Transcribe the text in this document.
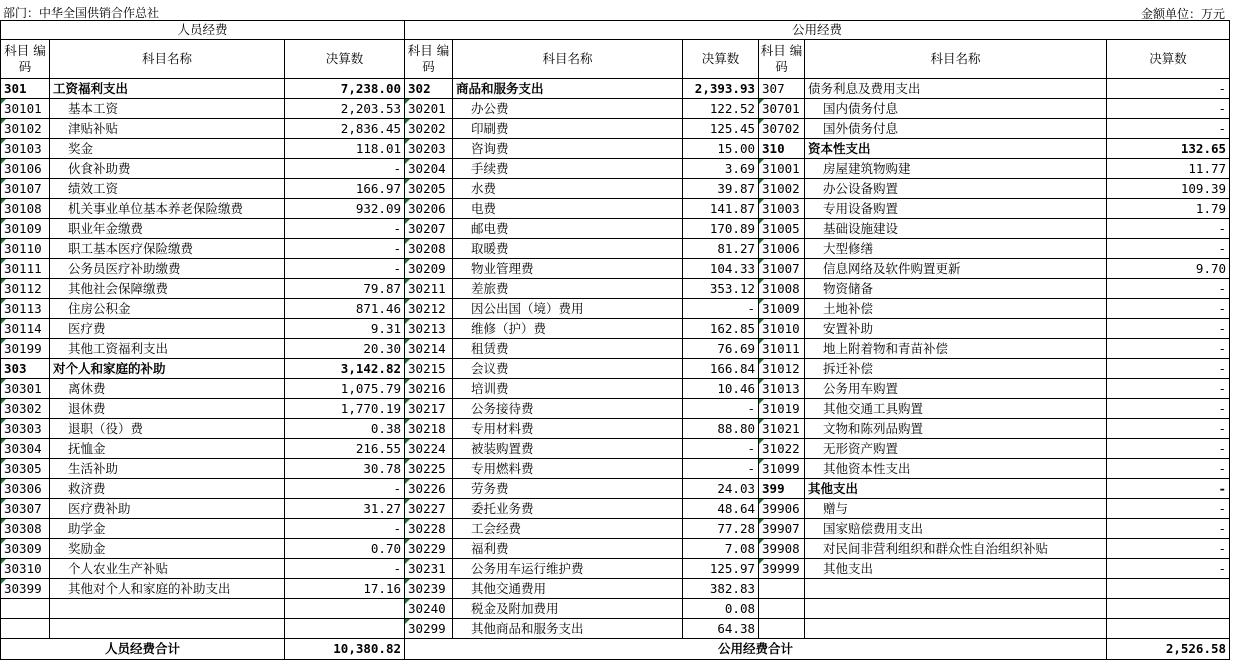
部门：中华全国供销合作总社	金额单位：万元
人员经费			公用经费					
科目 编码	科目名称	决算数	科目 编码	科目名称	决算数	科目 编码	科目名称	决算数
301	工资福利支出	7,238.00	302	商品和服务支出	2,393.93	307	债务利息及费用支出	-
30101	基本工资	2,203.53	30201	办公费	122.52	30701	国内债务付息	-
30102	津贴补贴	2,836.45	30202	印刷费	125.45	30702	国外债务付息	-
30103	奖金	118.01	30203	咨询费	15.00	310	资本性支出	132.65
30106	伙食补助费	-	30204	手续费	3.69	31001	房屋建筑物购建	11.77
30107	绩效工资	166.97	30205	水费	39.87	31002	办公设备购置	109.39
30108	机关事业单位基本养老保险缴费	932.09	30206	电费	141.87	31003	专用设备购置	1.79
30109	职业年金缴费	-	30207	邮电费	170.89	31005	基础设施建设	-
30110	职工基本医疗保险缴费	-	30208	取暖费	81.27	31006	大型修缮	-
30111	公务员医疗补助缴费	-	30209	物业管理费	104.33	31007	信息网络及软件购置更新	9.70
30112	其他社会保障缴费	79.87	30211	差旅费	353.12	31008	物资储备	-
30113	住房公积金	871.46	30212	因公出国（境）费用	-	31009	土地补偿	-
30114	医疗费	9.31	30213	维修（护）费	162.85	31010	安置补助	-
30199	其他工资福利支出	20.30	30214	租赁费	76.69	31011	地上附着物和青苗补偿	-
303	对个人和家庭的补助	3,142.82	30215	会议费	166.84	31012	拆迁补偿	-
30301	离休费	1,075.79	30216	培训费	10.46	31013	公务用车购置	-
30302	退休费	1,770.19	30217	公务接待费	-	31019	其他交通工具购置	-
30303	退职（役）费	0.38	30218	专用材料费	88.80	31021	文物和陈列品购置	-
30304	抚恤金	216.55	30224	被装购置费	-	31022	无形资产购置	-
30305	生活补助	30.78	30225	专用燃料费	-	31099	其他资本性支出	-
30306	救济费	-	30226	劳务费	24.03	399	其他支出	-
30307	医疗费补助	31.27	30227	委托业务费	48.64	39906	赠与	-
30308	助学金	-	30228	工会经费	77.28	39907	国家赔偿费用支出	-
30309	奖励金	0.70	30229	福利费	7.08	39908	对民间非营利组织和群众性自治组织补贴	-
30310	个人农业生产补贴	-	30231	公务用车运行维护费	125.97	39999	其他支出	-
30399	其他对个人和家庭的补助支出	17.16	30239	其他交通费用	382.83			
			30240	税金及附加费用	0.08			
			30299	其他商品和服务支出	64.38			
人员经费合计		10,380.82	公用经费合计					2,526.58
